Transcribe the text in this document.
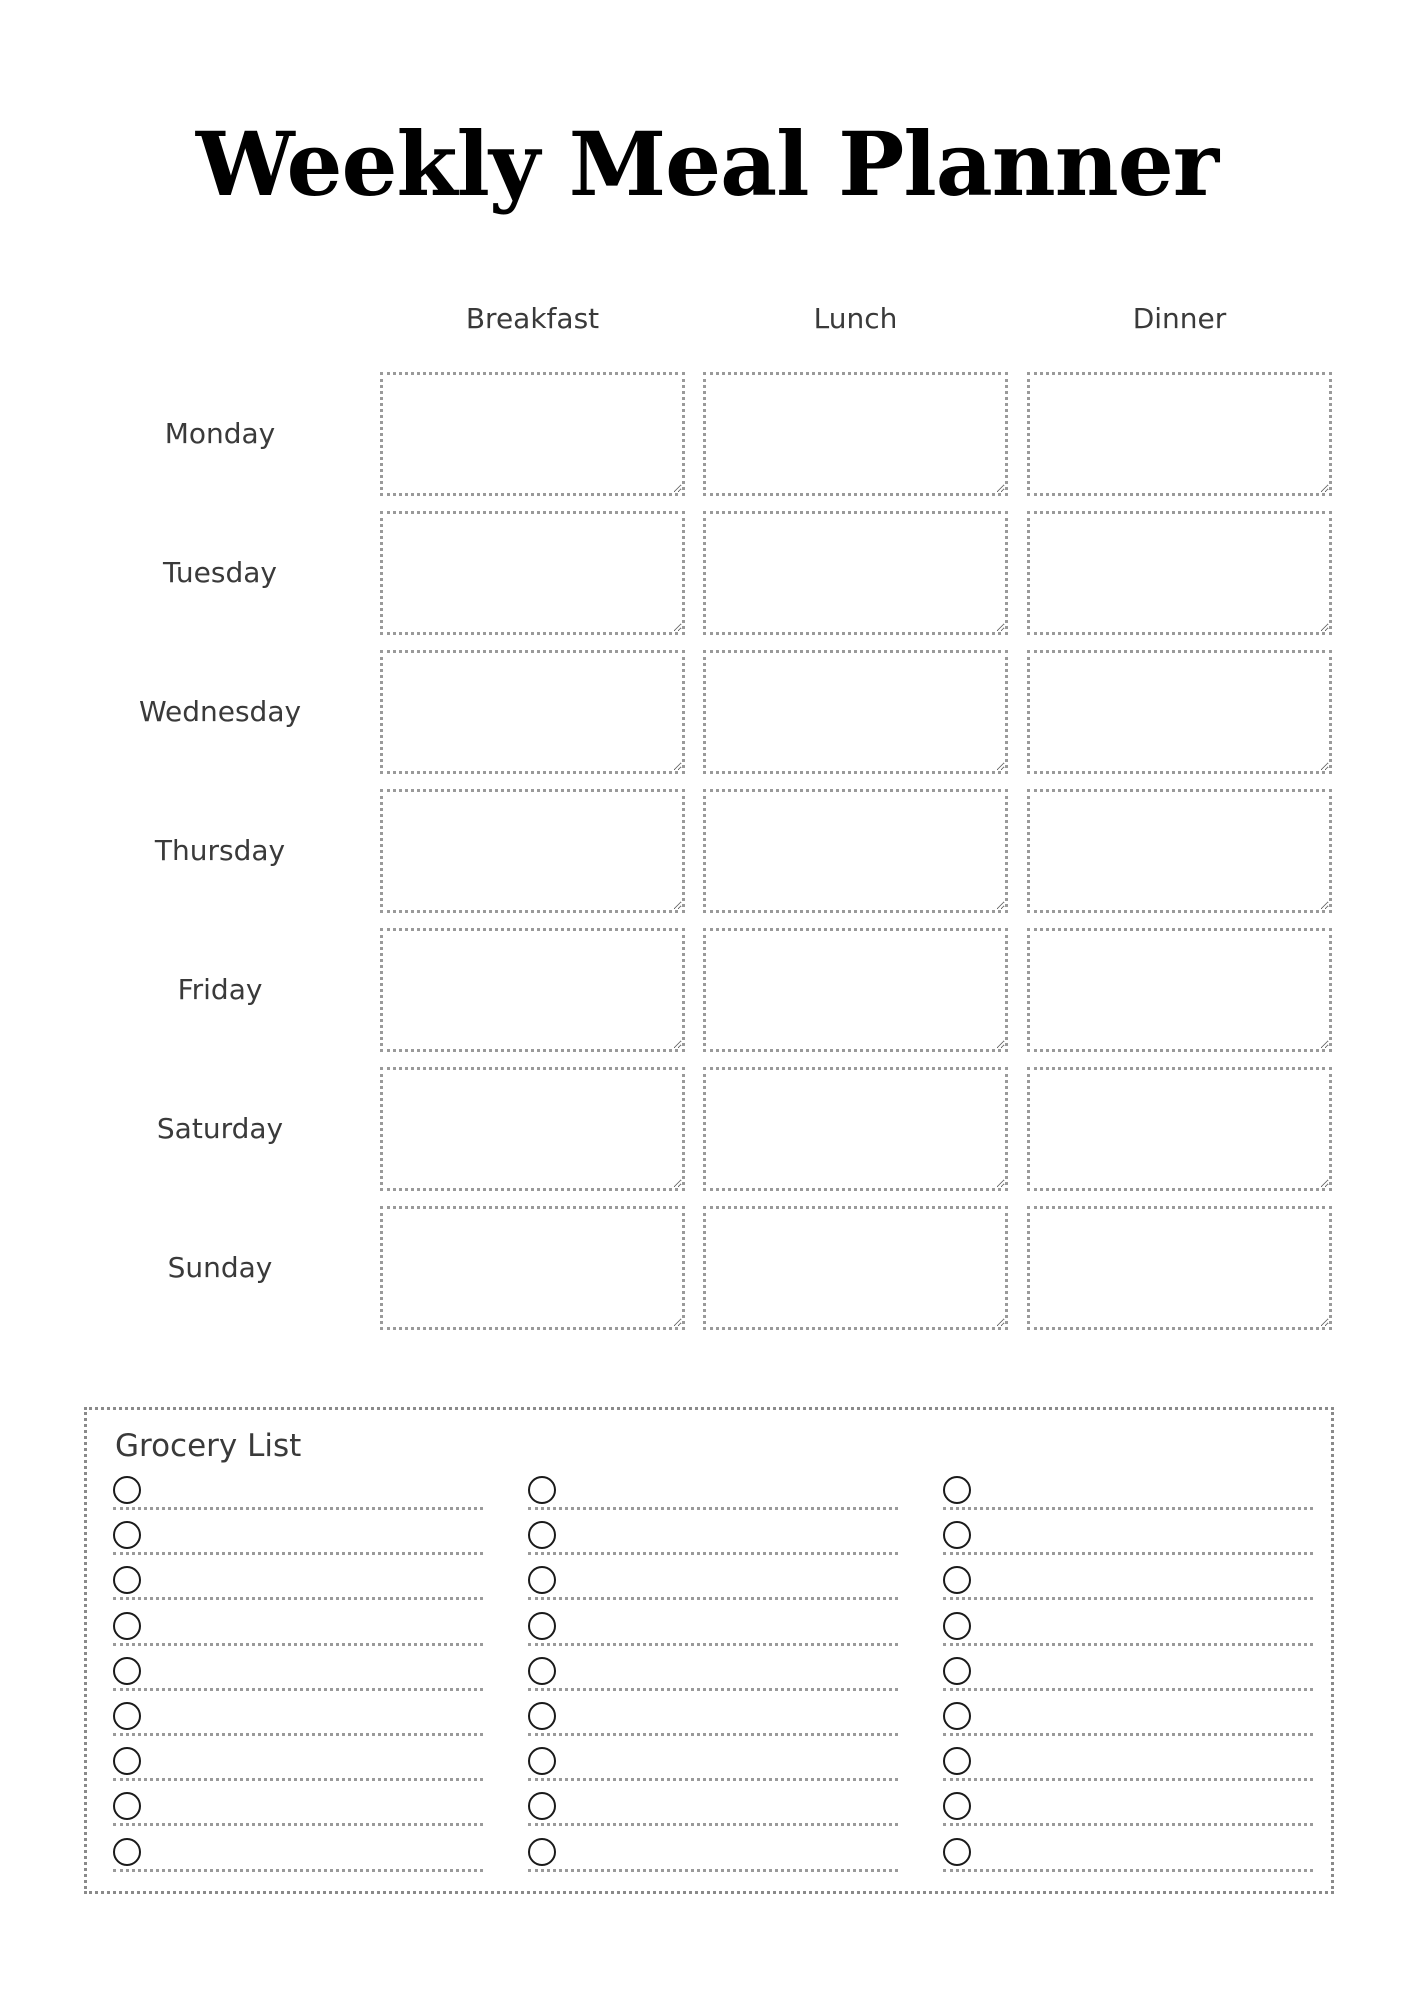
Weekly Meal Planner
Breakfast	Lunch	Dinner
Monday
Tuesday
Wednesday
Thursday
Friday
Saturday
Sunday
Grocery List
